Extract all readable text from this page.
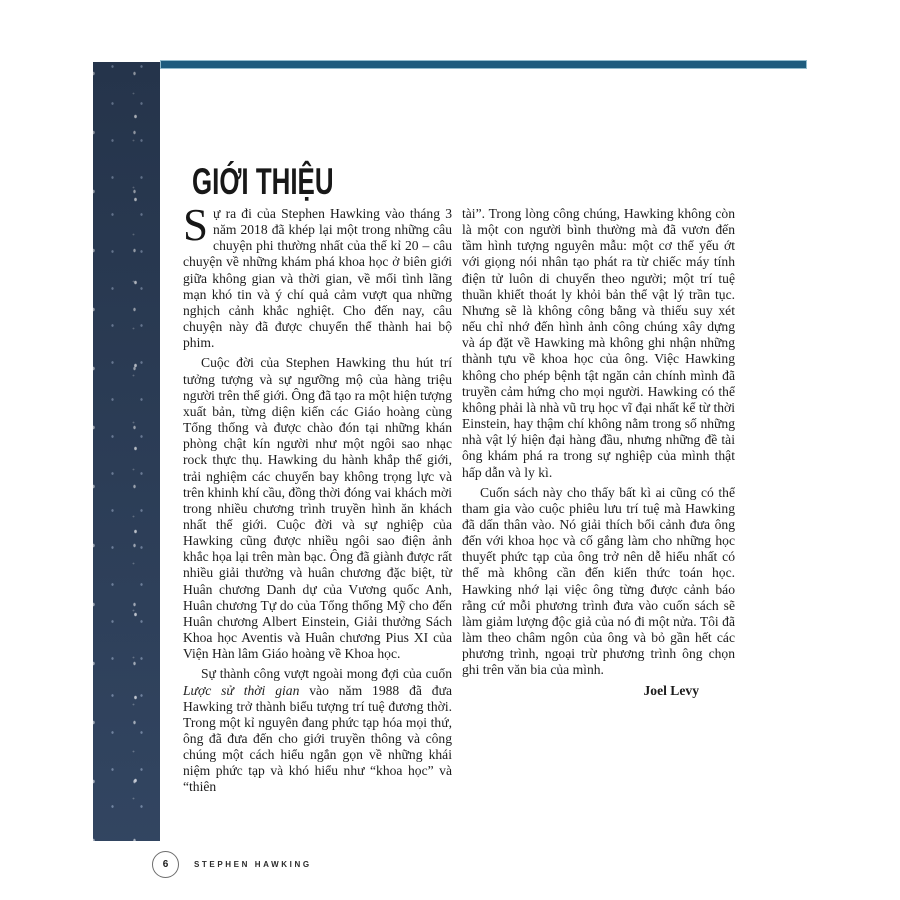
GIỚI THIỆU

Sự ra đi của Stephen Hawking vào tháng 3 năm 2018 đã khép lại một trong những câu chuyện phi thường nhất của thế kỉ 20 – câu chuyện về những khám phá khoa học ở biên giới giữa không gian và thời gian, về mối tình lãng mạn khó tin và ý chí quả cảm vượt qua những nghịch cảnh khắc nghiệt. Cho đến nay, câu chuyện này đã được chuyển thể thành hai bộ phim.

Cuộc đời của Stephen Hawking thu hút trí tưởng tượng và sự ngưỡng mộ của hàng triệu người trên thế giới. Ông đã tạo ra một hiện tượng xuất bản, từng diện kiến các Giáo hoàng cùng Tổng thống và được chào đón tại những khán phòng chật kín người như một ngôi sao nhạc rock thực thụ. Hawking du hành khắp thế giới, trải nghiệm các chuyến bay không trọng lực và trên khinh khí cầu, đồng thời đóng vai khách mời trong nhiều chương trình truyền hình ăn khách nhất thế giới. Cuộc đời và sự nghiệp của Hawking cũng được nhiều ngôi sao điện ảnh khắc họa lại trên màn bạc. Ông đã giành được rất nhiều giải thưởng và huân chương đặc biệt, từ Huân chương Danh dự của Vương quốc Anh, Huân chương Tự do của Tổng thống Mỹ cho đến Huân chương Albert Einstein, Giải thưởng Sách Khoa học Aventis và Huân chương Pius XI của Viện Hàn lâm Giáo hoàng về Khoa học.

Sự thành công vượt ngoài mong đợi của cuốn Lược sử thời gian vào năm 1988 đã đưa Hawking trở thành biểu tượng trí tuệ đương thời. Trong một kỉ nguyên đang phức tạp hóa mọi thứ, ông đã đưa đến cho giới truyền thông và công chúng một cách hiểu ngắn gọn về những khái niệm phức tạp và khó hiểu như “khoa học” và “thiên

tài”. Trong lòng công chúng, Hawking không còn là một con người bình thường mà đã vươn đến tầm hình tượng nguyên mẫu: một cơ thể yếu ớt với giọng nói nhân tạo phát ra từ chiếc máy tính điện tử luôn di chuyển theo người; một trí tuệ thuần khiết thoát ly khỏi bản thể vật lý trần tục. Nhưng sẽ là không công bằng và thiếu suy xét nếu chỉ nhớ đến hình ảnh công chúng xây dựng và áp đặt về Hawking mà không ghi nhận những thành tựu về khoa học của ông. Việc Hawking không cho phép bệnh tật ngăn cản chính mình đã truyền cảm hứng cho mọi người. Hawking có thể không phải là nhà vũ trụ học vĩ đại nhất kể từ thời Einstein, hay thậm chí không nằm trong số những nhà vật lý hiện đại hàng đầu, nhưng những đề tài ông khám phá ra trong sự nghiệp của mình thật hấp dẫn và ly kì.

Cuốn sách này cho thấy bất kì ai cũng có thể tham gia vào cuộc phiêu lưu trí tuệ mà Hawking đã dấn thân vào. Nó giải thích bối cảnh đưa ông đến với khoa học và cố gắng làm cho những học thuyết phức tạp của ông trở nên dễ hiểu nhất có thể mà không cần đến kiến thức toán học. Hawking nhớ lại việc ông từng được cảnh báo rằng cứ mỗi phương trình đưa vào cuốn sách sẽ làm giảm lượng độc giả của nó đi một nửa. Tôi đã làm theo châm ngôn của ông và bỏ gần hết các phương trình, ngoại trừ phương trình ông chọn ghi trên văn bia của mình.

Joel Levy

6	STEPHEN HAWKING
